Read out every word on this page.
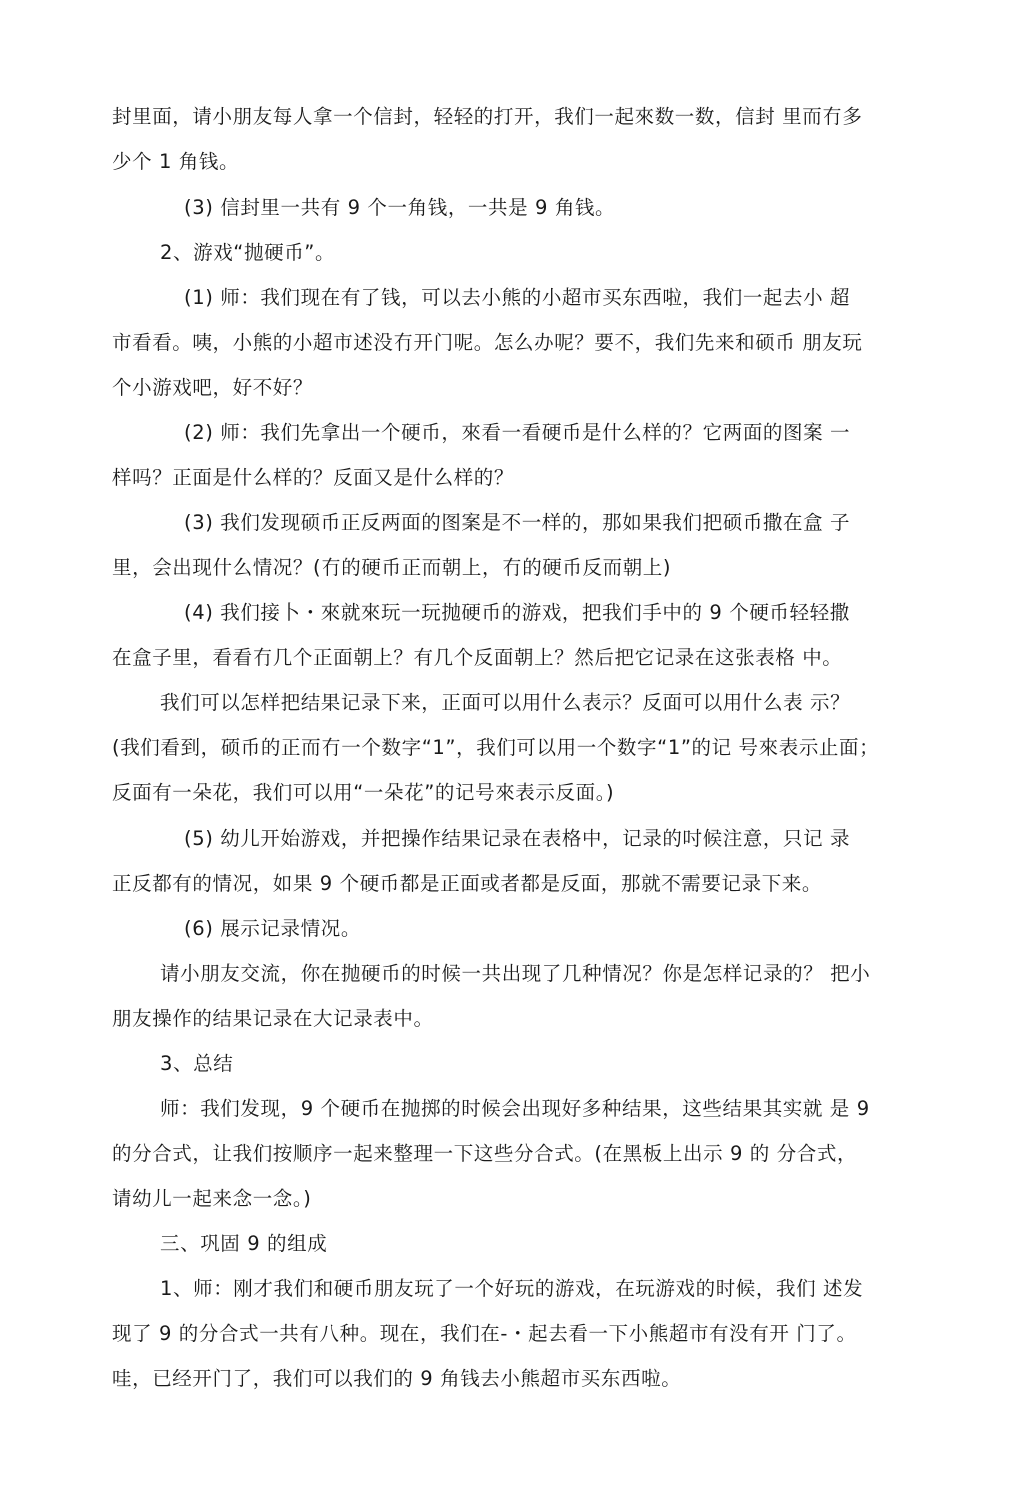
封里面，请小朋友每人拿一个信封，轻轻的打开，我们一起來数一数，信封 里而冇多

少个 1 角钱。

(3) 信封里一共有 9 个一角钱，一共是 9 角钱。

2、游戏“抛硬币”。

(1) 师：我们现在有了钱，可以去小熊的小超市买东西啦，我们一起去小 超

市看看。咦，小熊的小超市述没冇开门呢。怎么办呢？要不，我们先来和硕币 朋友玩

个小游戏吧，好不好？

(2) 师：我们先拿出一个硬币，來看一看硬币是什么样的？它两面的图案 一

样吗？正面是什么样的？反面又是什么样的？

(3) 我们发现硕币正反两面的图案是不一样的，那如果我们把硕币撒在盒 子

里，会出现什么情况？(冇的硬币正而朝上，冇的硬币反而朝上)

(4) 我们接卜・來就來玩一玩抛硬币的游戏，把我们手中的 9 个硬币轻轻撒

在盒子里，看看冇几个正面朝上？有几个反面朝上？然后把它记录在这张表格 中。

我们可以怎样把结果记录下来，正面可以用什么表示？反面可以用什么表 示？

(我们看到，硕币的正而冇一个数字“1”，我们可以用一个数字“1”的记 号來表示止面；

反面有一朵花，我们可以用“一朵花”的记号來表示反面。)

(5) 幼儿开始游戏，并把操作结果记录在表格中，记录的吋候注意，只记 录

正反都有的情况，如果 9 个硬币都是正面或者都是反面，那就不需要记录下来。

(6) 展示记录情况。

请小朋友交流，你在抛硬币的时候一共出现了几种情况？你是怎样记录的？ 把小

朋友操作的结果记录在大记录表中。

3、总结

师：我们发现，9 个硬币在抛掷的时候会出现好多种结果，这些结果其实就 是 9

的分合式，让我们按顺序一起来整理一下这些分合式。(在黑板上出示 9 的 分合式，

请幼儿一起来念一念。)

三、巩固 9 的组成

1、师：刚才我们和硬币朋友玩了一个好玩的游戏，在玩游戏的时候，我们 述发

现了 9 的分合式一共有八种。现在，我们在-・起去看一下小熊超市有没有开 门了。

哇，已经开门了，我们可以我们的 9 角钱去小熊超市买东西啦。
